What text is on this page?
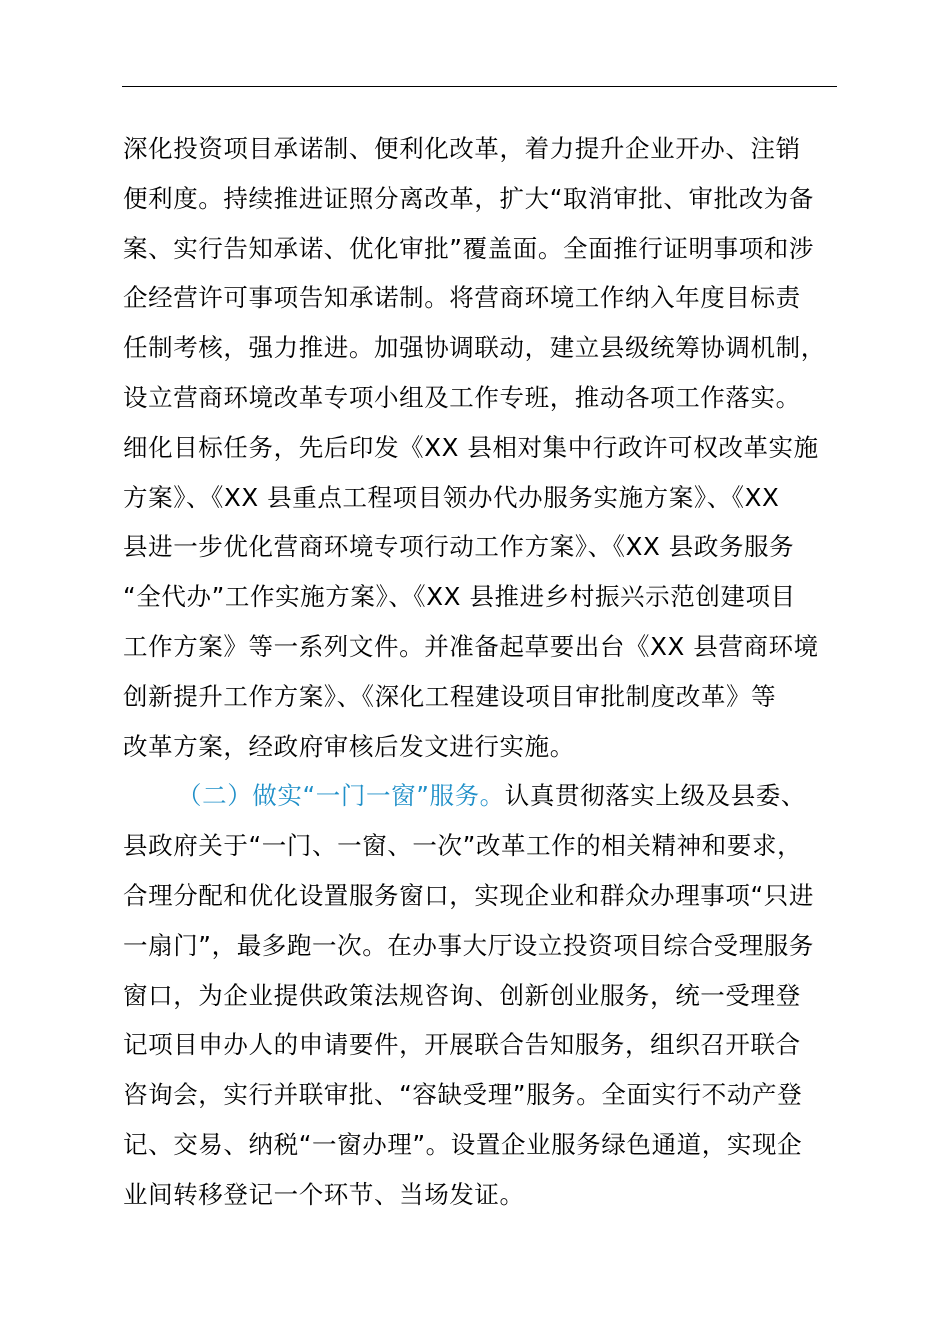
深化投资项目承诺制、便利化改革，着力提升企业开办、注销
便利度。持续推进证照分离改革，扩大“取消审批、审批改为备
案、实行告知承诺、优化审批”覆盖面。全面推行证明事项和涉
企经营许可事项告知承诺制。将营商环境工作纳入年度目标责
任制考核，强力推进。加强协调联动，建立县级统筹协调机制，
设立营商环境改革专项小组及工作专班，推动各项工作落实。
细化目标任务，先后印发《XX 县相对集中行政许可权改革实施
方案》、《XX 县重点工程项目领办代办服务实施方案》、《XX
县进一步优化营商环境专项行动工作方案》、《XX 县政务服务
“全代办”工作实施方案》、《XX 县推进乡村振兴示范创建项目
工作方案》等一系列文件。并准备起草要出台《XX 县营商环境
创新提升工作方案》、《深化工程建设项目审批制度改革》等
改革方案，经政府审核后发文进行实施。
（二）做实“一门一窗”服务。认真贯彻落实上级及县委、
县政府关于“一门、一窗、一次”改革工作的相关精神和要求，
合理分配和优化设置服务窗口，实现企业和群众办理事项“只进
一扇门”，最多跑一次。在办事大厅设立投资项目综合受理服务
窗口，为企业提供政策法规咨询、创新创业服务，统一受理登
记项目申办人的申请要件，开展联合告知服务，组织召开联合
咨询会，实行并联审批、“容缺受理”服务。全面实行不动产登
记、交易、纳税“一窗办理”。设置企业服务绿色通道，实现企
业间转移登记一个环节、当场发证。
